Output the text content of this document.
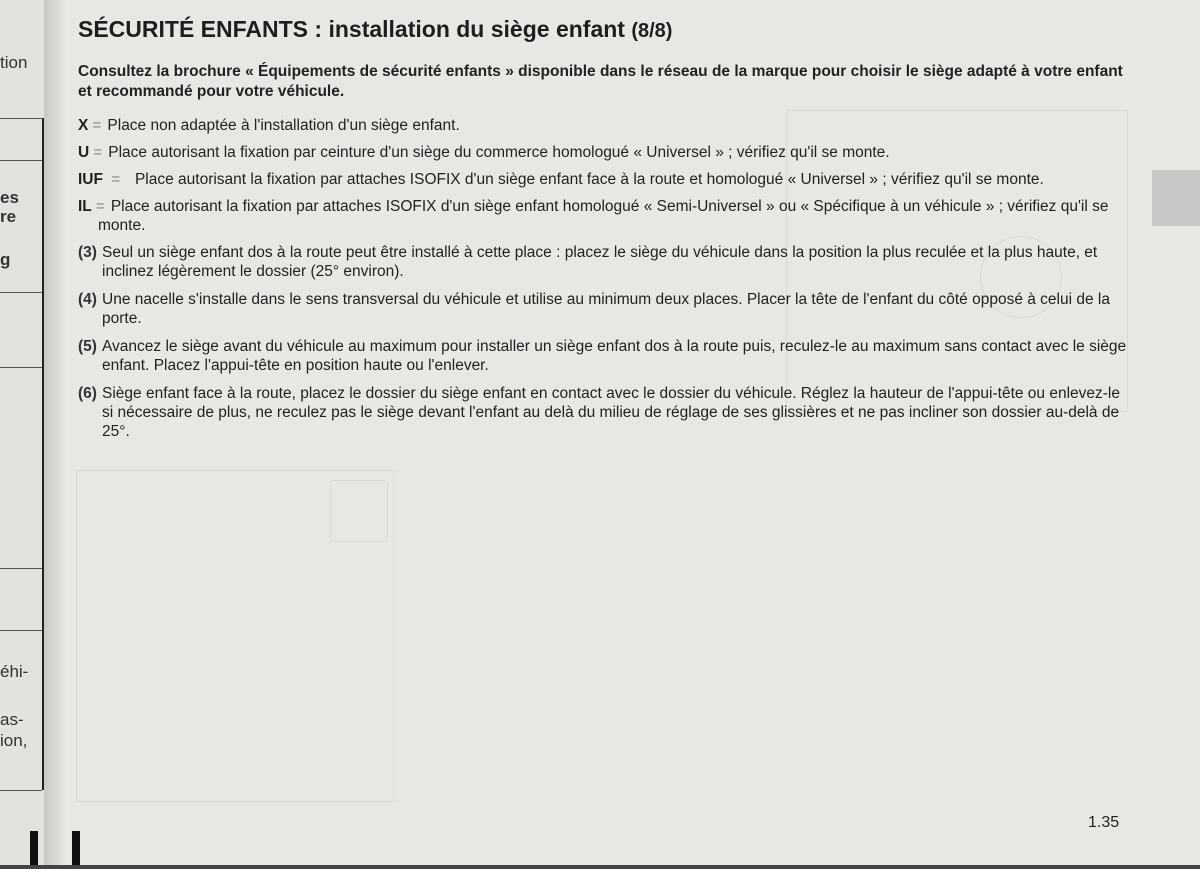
tion
es
re
g
éhi-
as-
ion,
SÉCURITÉ ENFANTS : installation du siège enfant (8/8)

Consultez la brochure « Équipements de sécurité enfants » disponible dans le réseau de la marque pour choisir le siège adapté à votre enfant et recommandé pour votre véhicule.

X = Place non adaptée à l'installation d'un siège enfant.
U = Place autorisant la fixation par ceinture d'un siège du commerce homologué « Universel » ; vérifiez qu'il se monte.
IUF =  Place autorisant la fixation par attaches ISOFIX d'un siège enfant face à la route et homologué « Universel » ; vérifiez qu'il se monte.
IL = Place autorisant la fixation par attaches ISOFIX d'un siège enfant homologué « Semi-Universel » ou « Spécifique à un véhicule » ; vérifiez qu'il se monte.
(3) Seul un siège enfant dos à la route peut être installé à cette place : placez le siège du véhicule dans la position la plus reculée et la plus haute, et inclinez légèrement le dossier (25° environ).
(4) Une nacelle s'installe dans le sens transversal du véhicule et utilise au minimum deux places. Placer la tête de l'enfant du côté opposé à celui de la porte.
(5) Avancez le siège avant du véhicule au maximum pour installer un siège enfant dos à la route puis, reculez-le au maximum sans contact avec le siège enfant. Placez l'appui-tête en position haute ou l'enlever.
(6) Siège enfant face à la route, placez le dossier du siège enfant en contact avec le dossier du véhicule. Réglez la hauteur de l'appui-tête ou enlevez-le si nécessaire de plus, ne reculez pas le siège devant l'enfant au delà du milieu de réglage de ses glissières et ne pas incliner son dossier au-delà de 25°.
1.35
